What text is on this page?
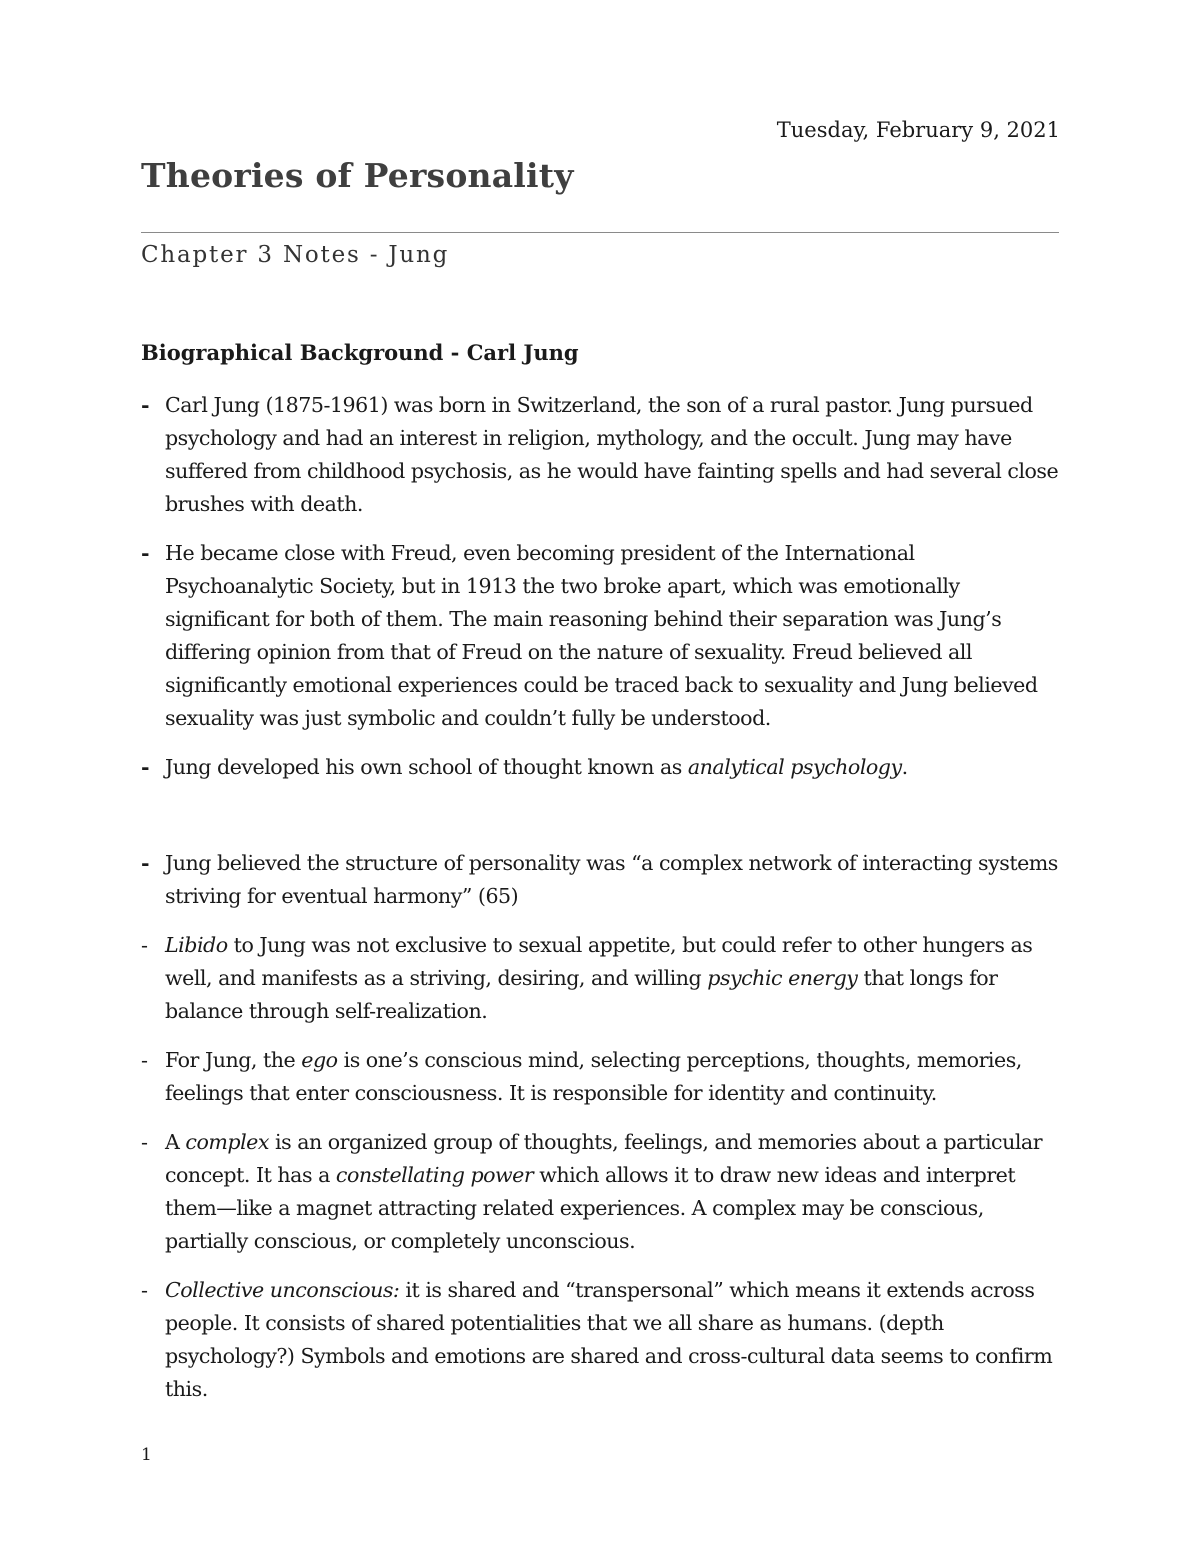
Tuesday, February 9, 2021
Theories of Personality
Chapter 3 Notes - Jung
Biographical Background - Carl Jung
- Carl Jung (1875-1961) was born in Switzerland, the son of a rural pastor. Jung pursued psychology and had an interest in religion, mythology, and the occult. Jung may have suffered from childhood psychosis, as he would have fainting spells and had several close brushes with death.
- He became close with Freud, even becoming president of the International Psychoanalytic Society, but in 1913 the two broke apart, which was emotionally significant for both of them. The main reasoning behind their separation was Jung’s differing opinion from that of Freud on the nature of sexuality. Freud believed all significantly emotional experiences could be traced back to sexuality and Jung believed sexuality was just symbolic and couldn’t fully be understood.
- Jung developed his own school of thought known as analytical psychology.
- Jung believed the structure of personality was “a complex network of interacting systems striving for eventual harmony” (65)
- Libido to Jung was not exclusive to sexual appetite, but could refer to other hungers as well, and manifests as a striving, desiring, and willing psychic energy that longs for balance through self-realization.
- For Jung, the ego is one’s conscious mind, selecting perceptions, thoughts, memories, feelings that enter consciousness. It is responsible for identity and continuity.
- A complex is an organized group of thoughts, feelings, and memories about a particular concept. It has a constellating power which allows it to draw new ideas and interpret them—like a magnet attracting related experiences. A complex may be conscious, partially conscious, or completely unconscious.
- Collective unconscious: it is shared and “transpersonal” which means it extends across people. It consists of shared potentialities that we all share as humans. (depth psychology?) Symbols and emotions are shared and cross-cultural data seems to confirm this.
1
